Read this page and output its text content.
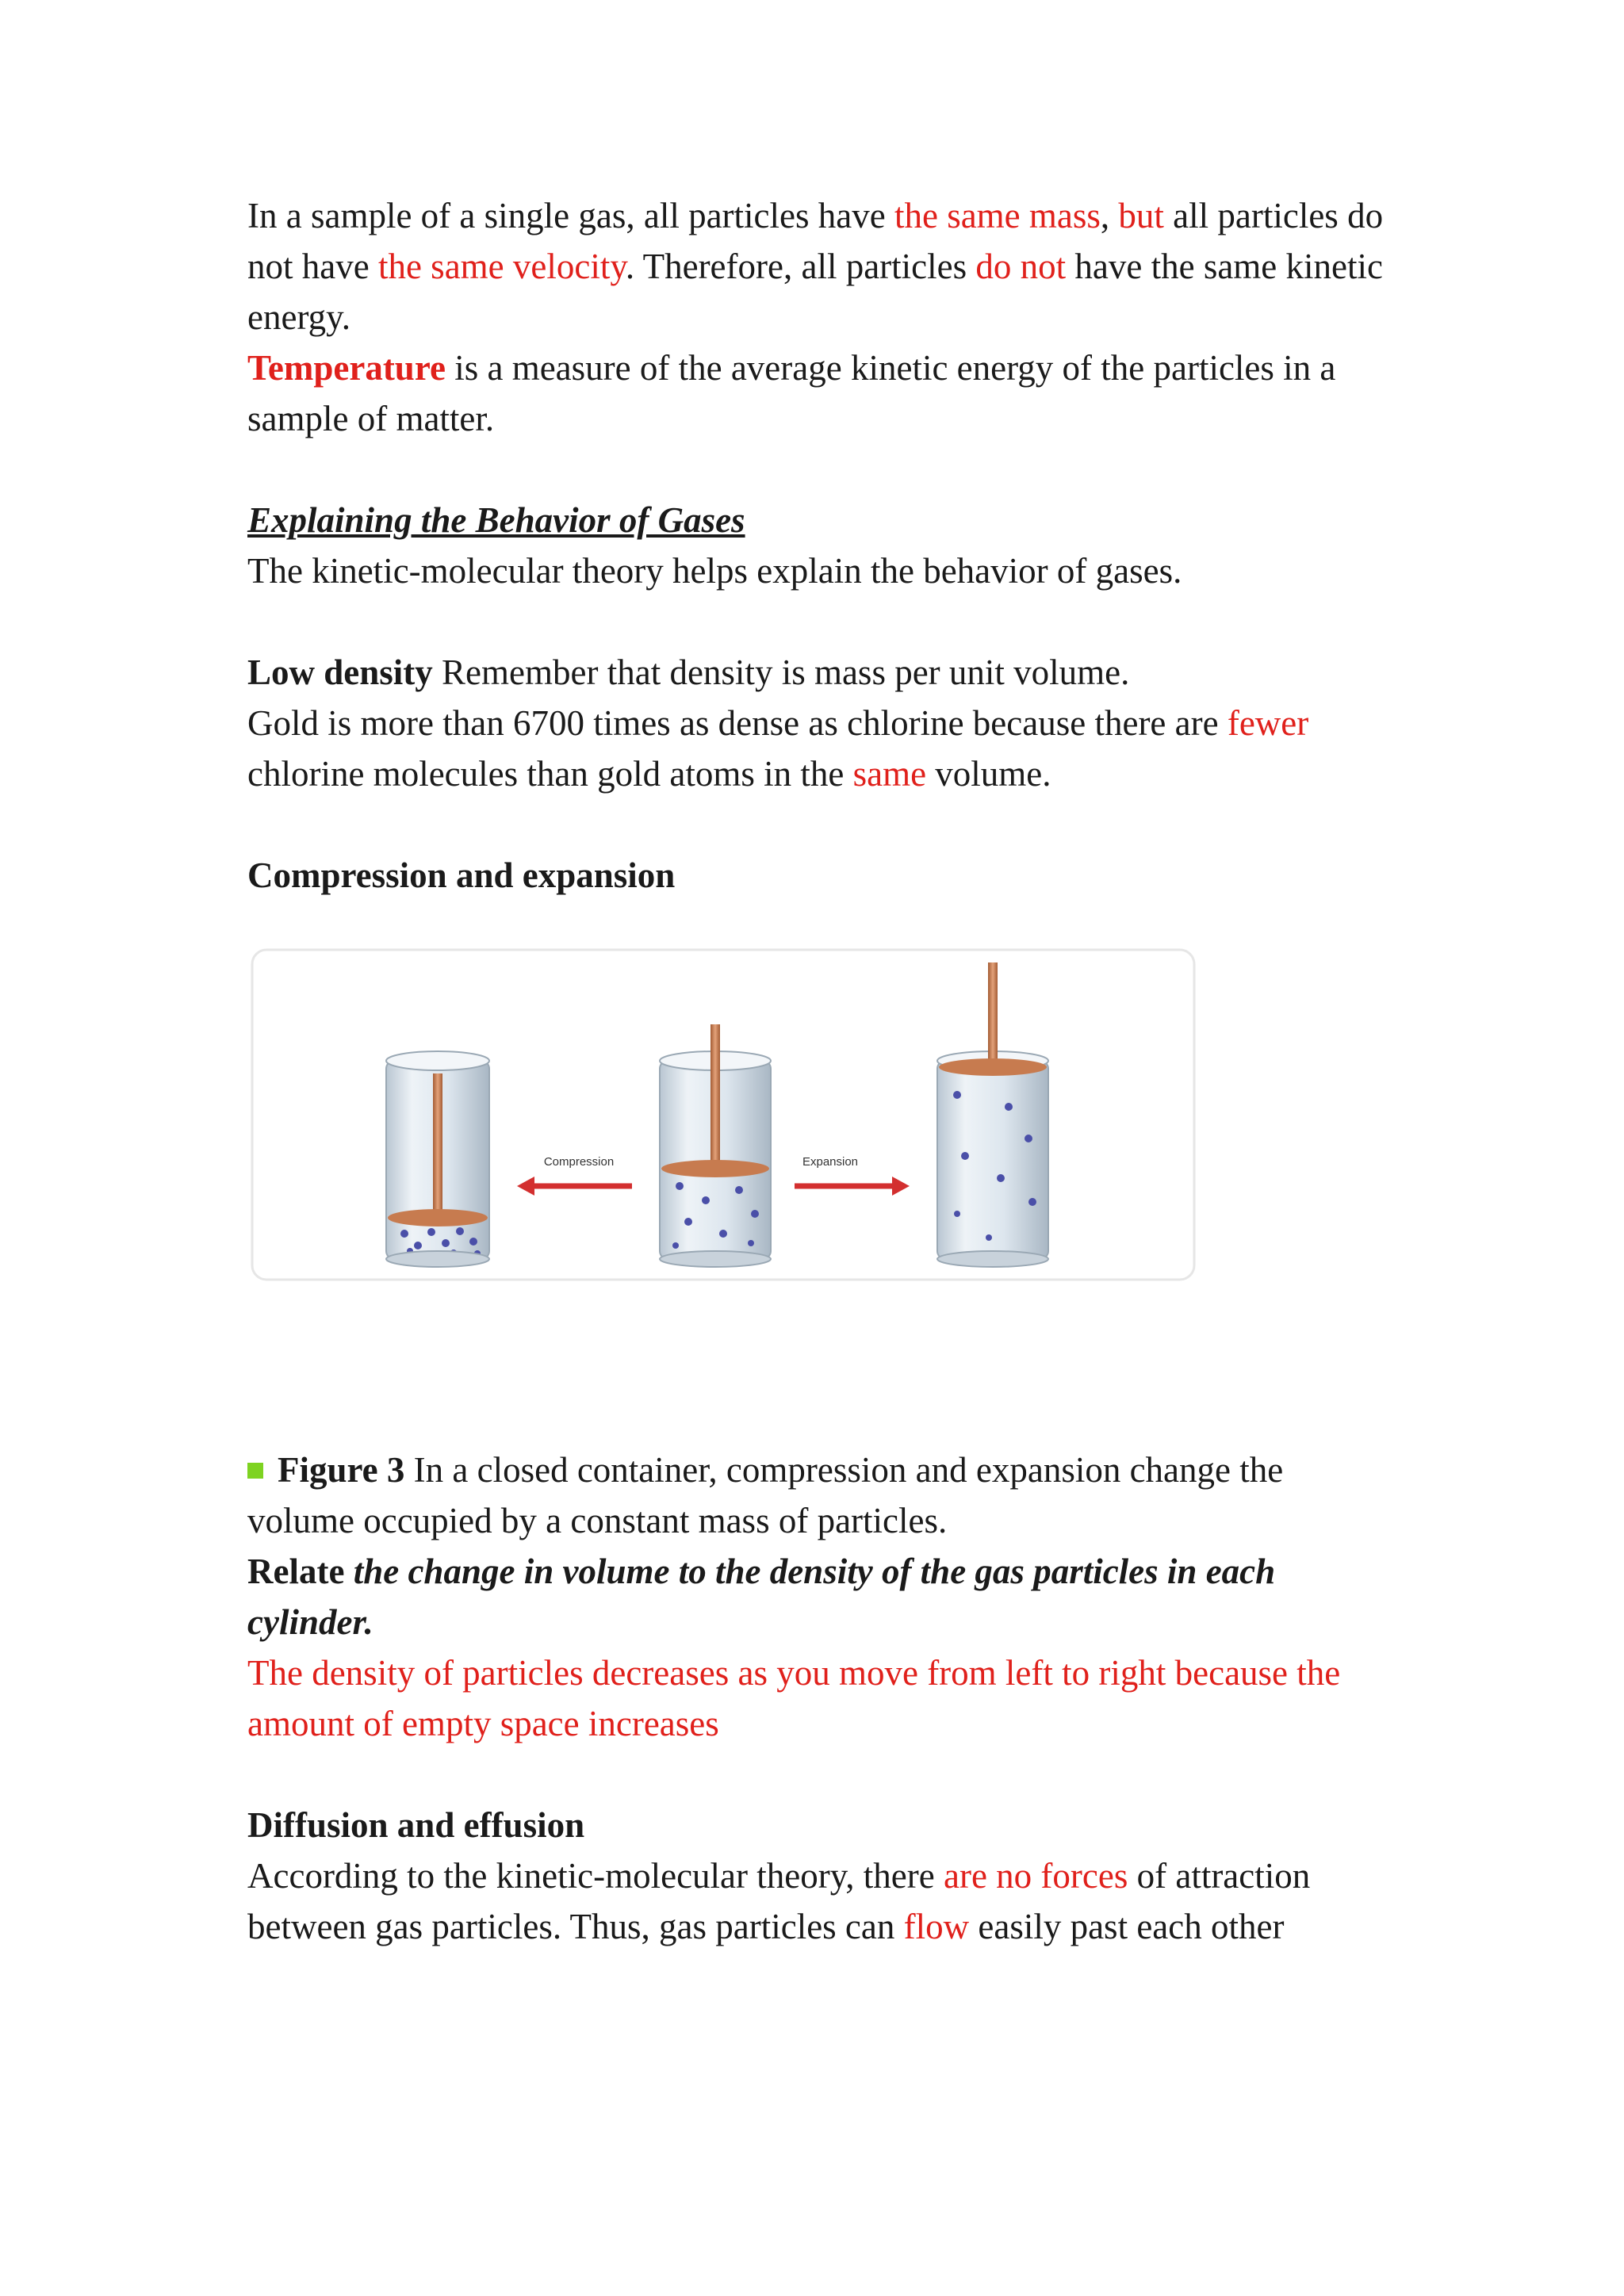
In a sample of a single gas, all particles have the same mass, but all particles do not have the same velocity. Therefore, all particles do not have the same kinetic energy.

Temperature is a measure of the average kinetic energy of the particles in a sample of matter.

Explaining the Behavior of Gases

The kinetic-molecular theory helps explain the behavior of gases.

Low density Remember that density is mass per unit volume.

Gold is more than 6700 times as dense as chlorine because there are fewer chlorine molecules than gold atoms in the same volume.

Compression and expansion

Compression	Expansion

Figure 3 In a closed container, compression and expansion change the volume occupied by a constant mass of particles.

Relate the change in volume to the density of the gas particles in each cylinder.

The density of particles decreases as you move from left to right because the amount of empty space increases

Diffusion and effusion

According to the kinetic-molecular theory, there are no forces of attraction between gas particles. Thus, gas particles can flow easily past each other
